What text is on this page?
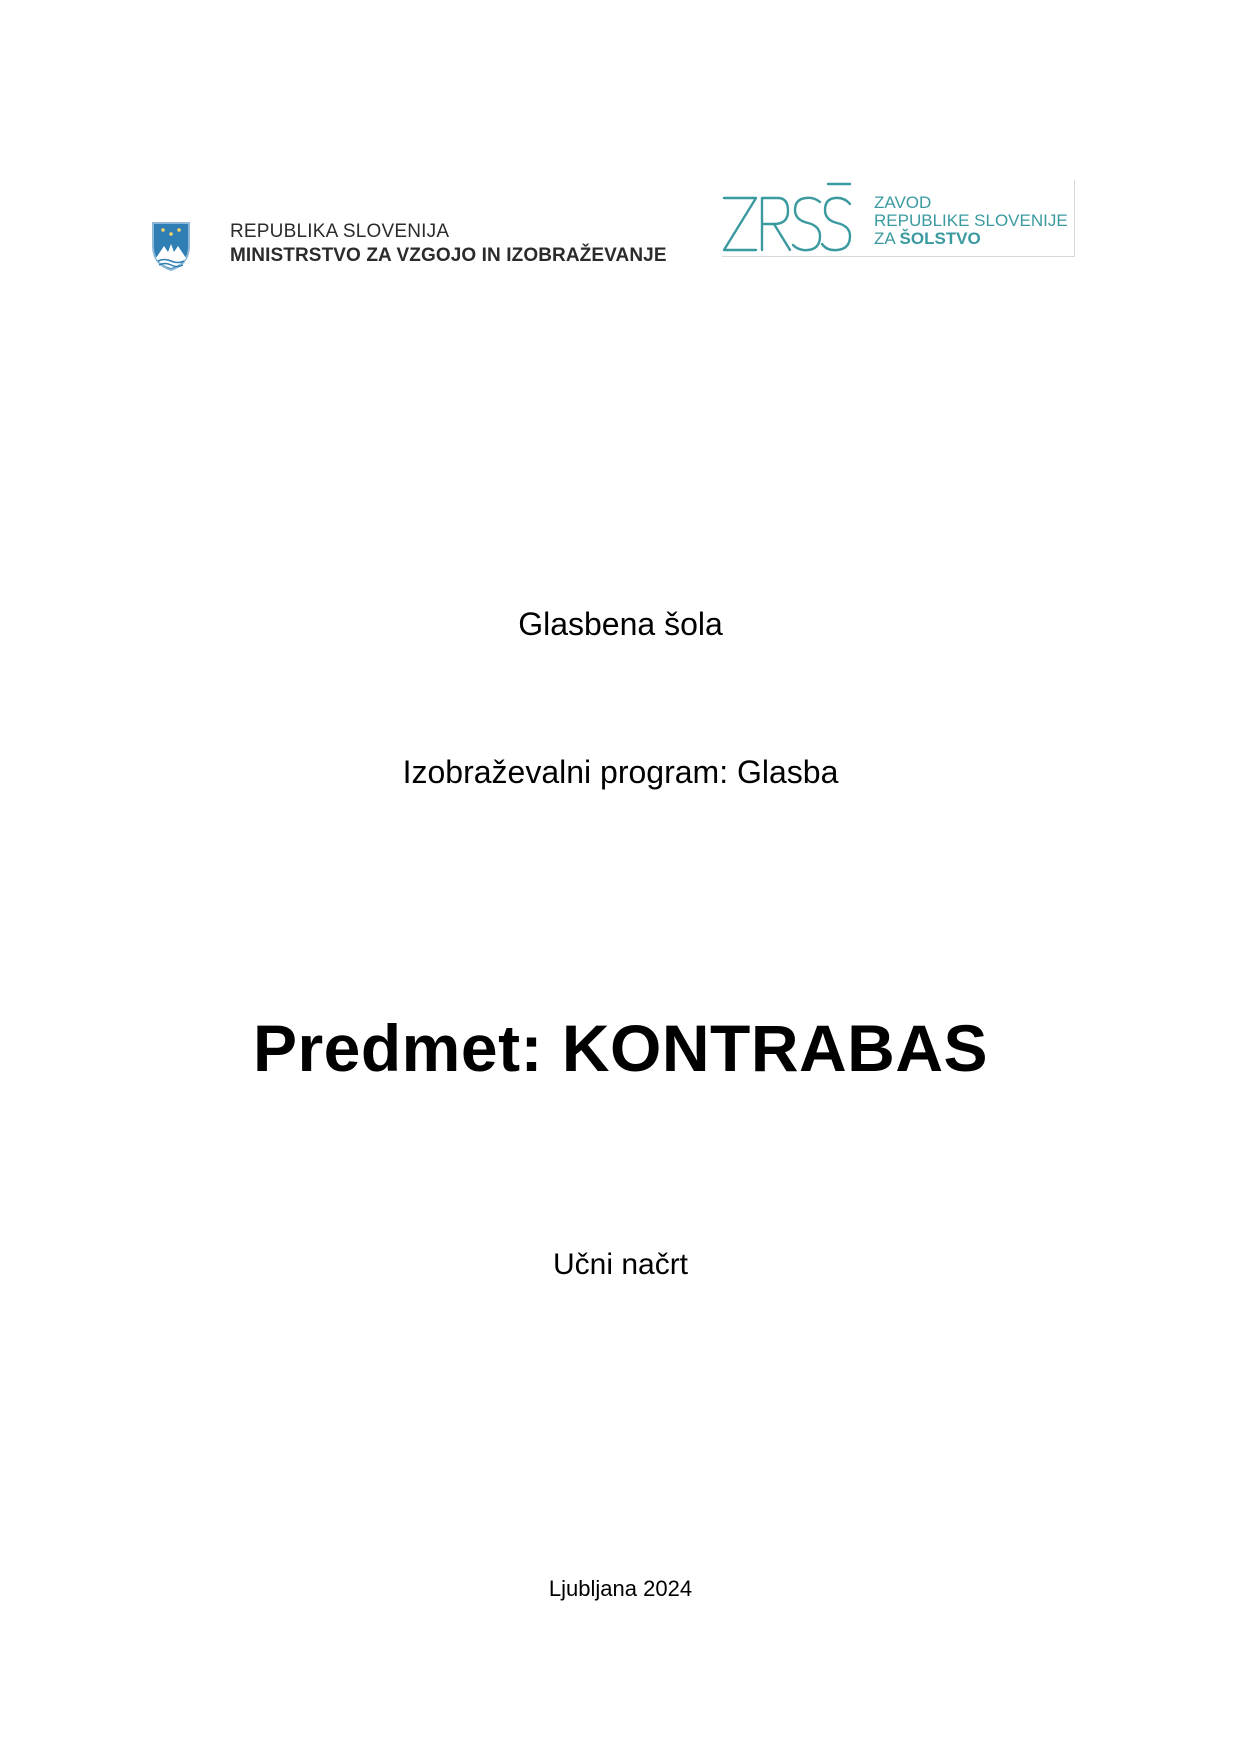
REPUBLIKA SLOVENIJA
MINISTRSTVO ZA VZGOJO IN IZOBRAŽEVANJE
ZAVOD
REPUBLIKE SLOVENIJE
ZA ŠOLSTVO
Glasbena šola
Izobraževalni program: Glasba
Predmet: KONTRABAS
Učni načrt
Ljubljana 2024
